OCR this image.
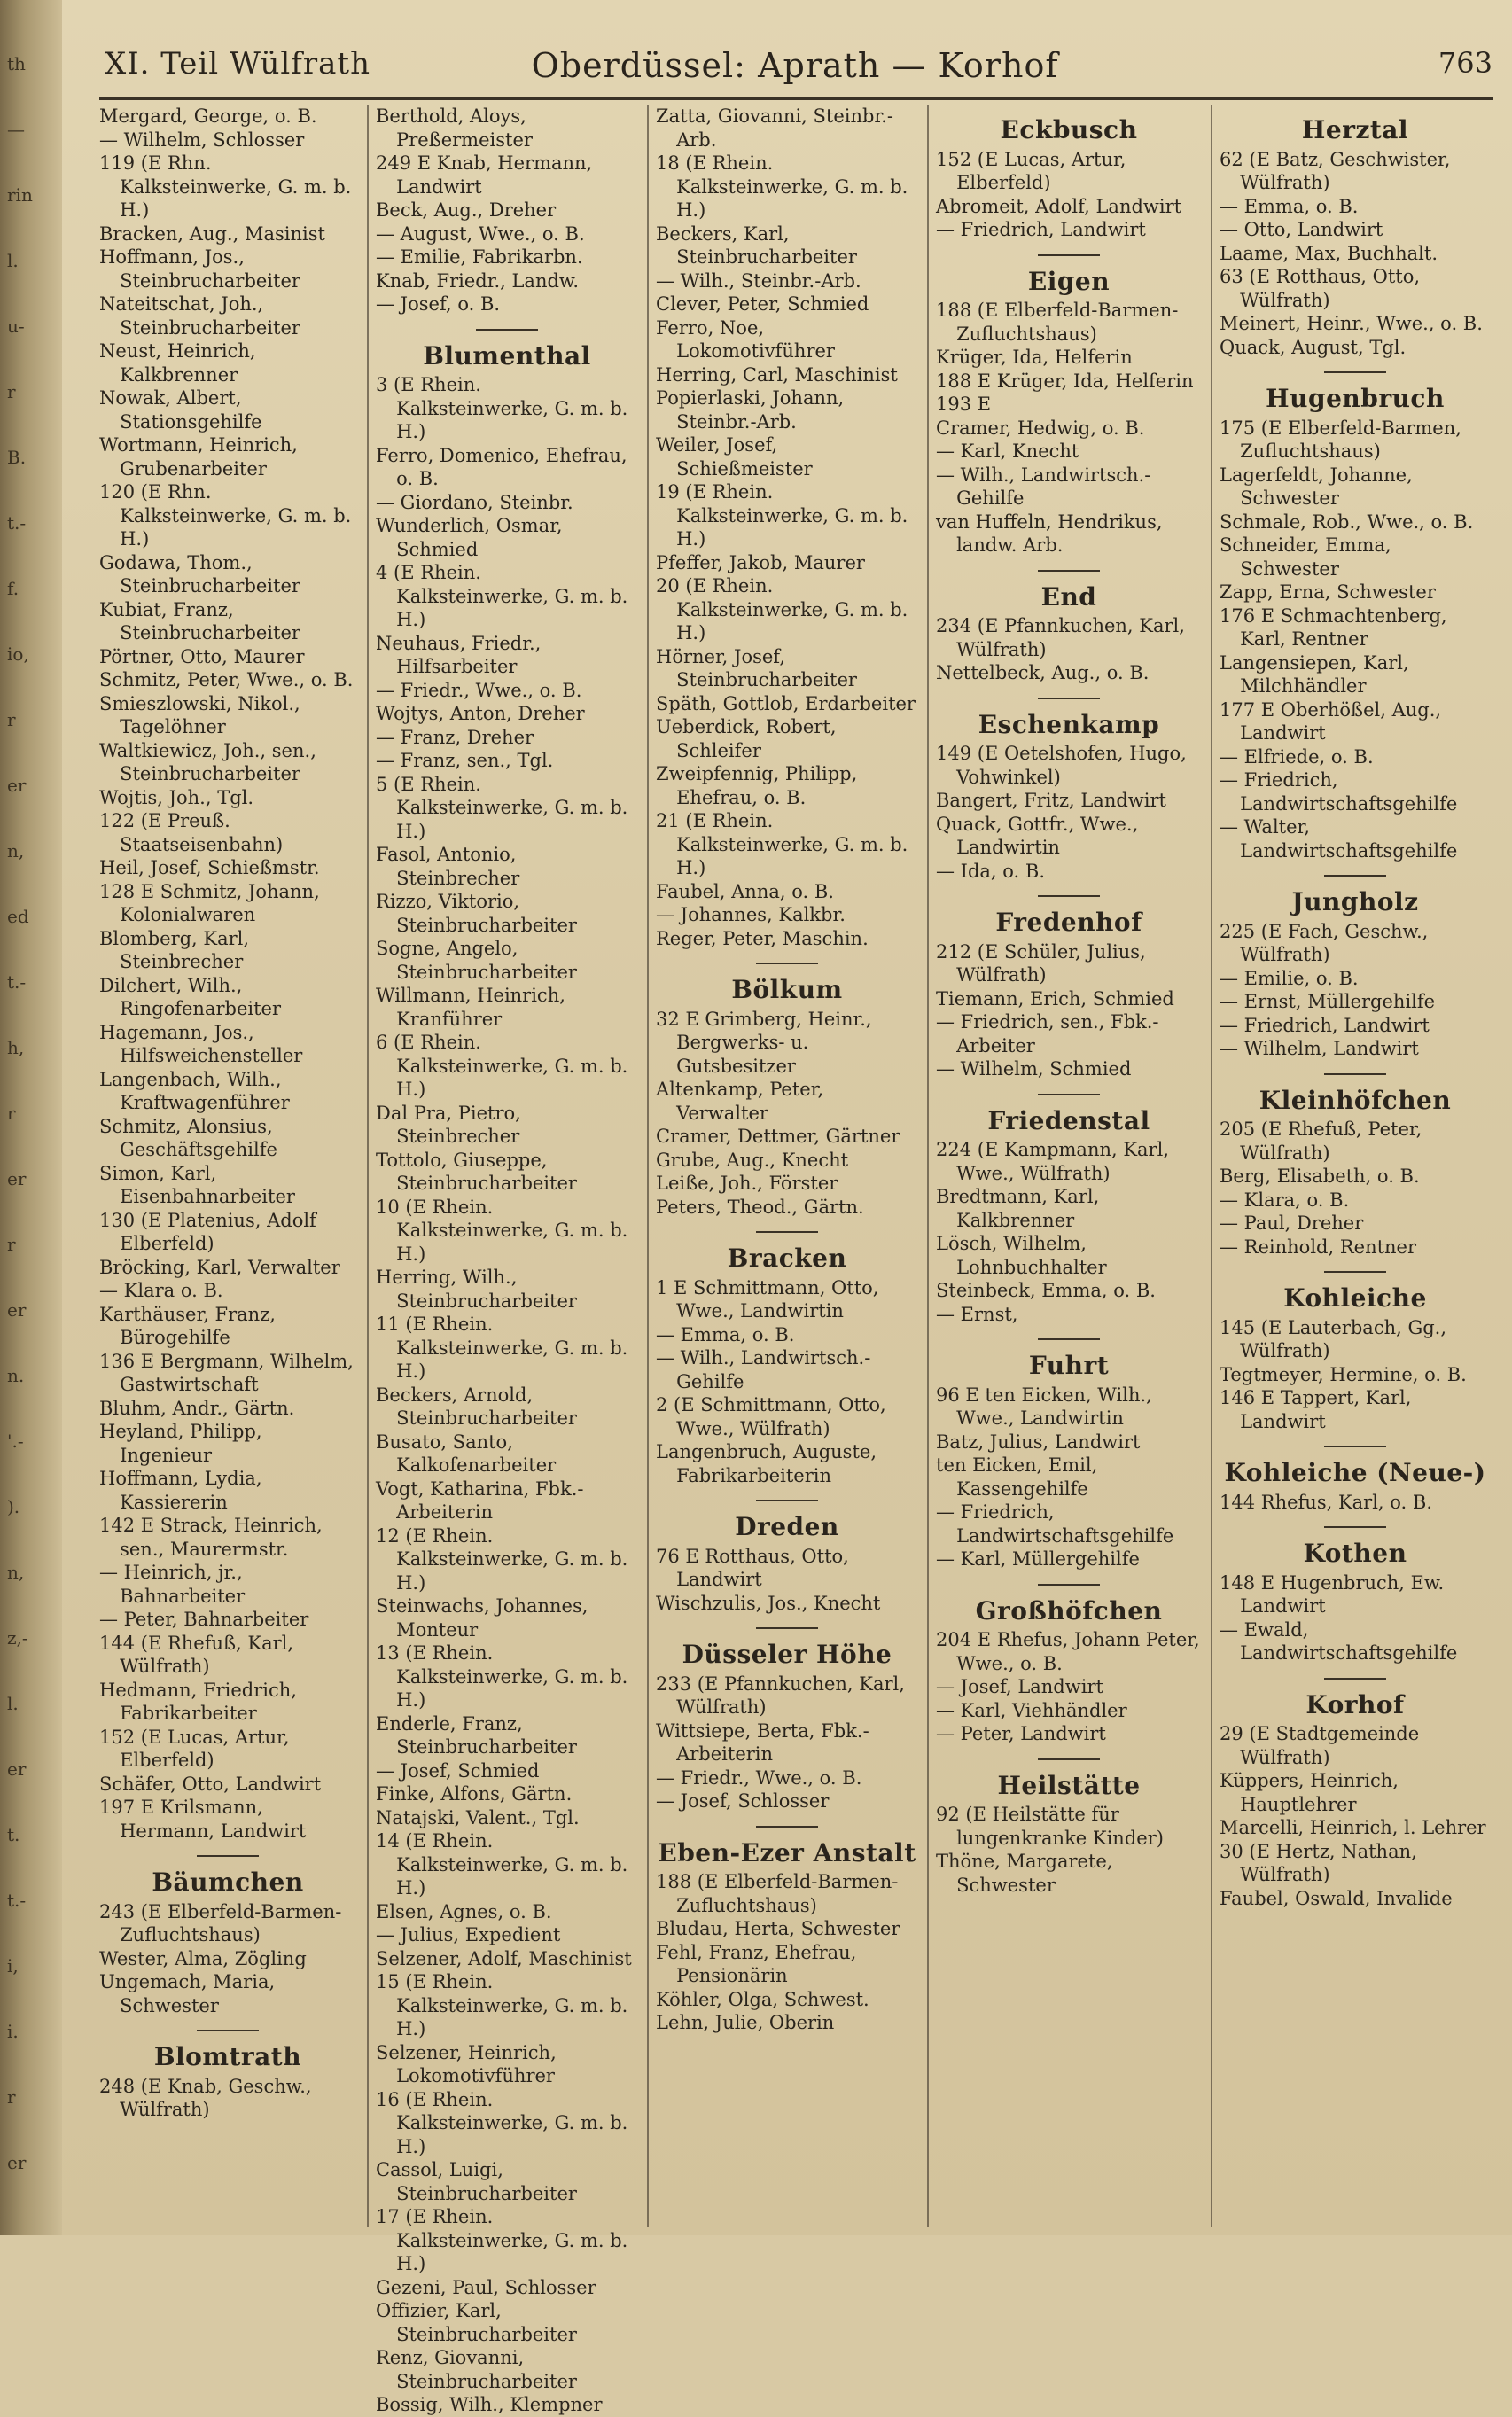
th
—
rin
l.
u-
r
B.
t.-
f.
io,
r
er
n,
ed
t.-
h,
r
er
r
er
n.
'.-
).
n,
z,-
l.
er
t.
t.-
i,
i.
r
er
XI. Teil Wülfrath	Oberdüssel: Aprath — Korhof	763

Mergard, George, o. B.

— Wilhelm, Schlosser

119 (E Rhn. Kalksteinwerke, G. m. b. H.)

Bracken, Aug., Masinist

Hoffmann, Jos., Steinbrucharbeiter

Nateitschat, Joh., Steinbrucharbeiter

Neust, Heinrich, Kalkbrenner

Nowak, Albert, Stationsgehilfe

Wortmann, Heinrich, Grubenarbeiter

120 (E Rhn. Kalksteinwerke, G. m. b. H.)

Godawa, Thom., Steinbrucharbeiter

Kubiat, Franz, Steinbrucharbeiter

Pörtner, Otto, Maurer

Schmitz, Peter, Wwe., o. B.

Smieszlowski, Nikol., Tagelöhner

Waltkiewicz, Joh., sen., Steinbrucharbeiter

Wojtis, Joh., Tgl.

122 (E Preuß. Staatseisenbahn)

Heil, Josef, Schießmstr.

128 E Schmitz, Johann, Kolonialwaren

Blomberg, Karl, Steinbrecher

Dilchert, Wilh., Ringofenarbeiter

Hagemann, Jos., Hilfsweichensteller

Langenbach, Wilh., Kraftwagenführer

Schmitz, Alonsius, Geschäftsgehilfe

Simon, Karl, Eisenbahnarbeiter

130 (E Platenius, Adolf Elberfeld)

Bröcking, Karl, Verwalter

— Klara o. B.

Karthäuser, Franz, Bürogehilfe

136 E Bergmann, Wilhelm, Gastwirtschaft

Bluhm, Andr., Gärtn.

Heyland, Philipp, Ingenieur

Hoffmann, Lydia, Kassiererin

142 E Strack, Heinrich, sen., Maurermstr.

— Heinrich, jr., Bahnarbeiter

— Peter, Bahnarbeiter

144 (E Rhefuß, Karl, Wülfrath)

Hedmann, Friedrich, Fabrikarbeiter

152 (E Lucas, Artur, Elberfeld)

Schäfer, Otto, Landwirt

197 E Krilsmann, Hermann, Landwirt

Bäumchen

243 (E Elberfeld-Barmen-Zufluchtshaus)

Wester, Alma, Zögling

Ungemach, Maria, Schwester

Blomtrath

248 (E Knab, Geschw., Wülfrath)

Berthold, Aloys, Preßermeister

249 E Knab, Hermann, Landwirt

Beck, Aug., Dreher

— August, Wwe., o. B.

— Emilie, Fabrikarbn.

Knab, Friedr., Landw.

— Josef, o. B.

Blumenthal

3 (E Rhein. Kalksteinwerke, G. m. b. H.)

Ferro, Domenico, Ehefrau, o. B.

— Giordano, Steinbr.

Wunderlich, Osmar, Schmied

4 (E Rhein. Kalksteinwerke, G. m. b. H.)

Neuhaus, Friedr., Hilfsarbeiter

— Friedr., Wwe., o. B.

Wojtys, Anton, Dreher

— Franz, Dreher

— Franz, sen., Tgl.

5 (E Rhein. Kalksteinwerke, G. m. b. H.)

Fasol, Antonio, Steinbrecher

Rizzo, Viktorio, Steinbrucharbeiter

Sogne, Angelo, Steinbrucharbeiter

Willmann, Heinrich, Kranführer

6 (E Rhein. Kalksteinwerke, G. m. b. H.)

Dal Pra, Pietro, Steinbrecher

Tottolo, Giuseppe, Steinbrucharbeiter

10 (E Rhein. Kalksteinwerke, G. m. b. H.)

Herring, Wilh., Steinbrucharbeiter

11 (E Rhein. Kalksteinwerke, G. m. b. H.)

Beckers, Arnold, Steinbrucharbeiter

Busato, Santo, Kalkofenarbeiter

Vogt, Katharina, Fbk.-Arbeiterin

12 (E Rhein. Kalksteinwerke, G. m. b. H.)

Steinwachs, Johannes, Monteur

13 (E Rhein. Kalksteinwerke, G. m. b. H.)

Enderle, Franz, Steinbrucharbeiter

— Josef, Schmied

Finke, Alfons, Gärtn.

Natajski, Valent., Tgl.

14 (E Rhein. Kalksteinwerke, G. m. b. H.)

Elsen, Agnes, o. B.

— Julius, Expedient

Selzener, Adolf, Maschinist

15 (E Rhein. Kalksteinwerke, G. m. b. H.)

Selzener, Heinrich, Lokomotivführer

16 (E Rhein. Kalksteinwerke, G. m. b. H.)

Cassol, Luigi, Steinbrucharbeiter

17 (E Rhein. Kalksteinwerke, G. m. b. H.)

Gezeni, Paul, Schlosser

Offizier, Karl, Steinbrucharbeiter

Renz, Giovanni, Steinbrucharbeiter

Bossig, Wilh., Klempner

Zatta, Giovanni, Steinbr.-Arb.

18 (E Rhein. Kalksteinwerke, G. m. b. H.)

Beckers, Karl, Steinbrucharbeiter

— Wilh., Steinbr.-Arb.

Clever, Peter, Schmied

Ferro, Noe, Lokomotivführer

Herring, Carl, Maschinist

Popierlaski, Johann, Steinbr.-Arb.

Weiler, Josef, Schießmeister

19 (E Rhein. Kalksteinwerke, G. m. b. H.)

Pfeffer, Jakob, Maurer

20 (E Rhein. Kalksteinwerke, G. m. b. H.)

Hörner, Josef, Steinbrucharbeiter

Späth, Gottlob, Erdarbeiter

Ueberdick, Robert, Schleifer

Zweipfennig, Philipp, Ehefrau, o. B.

21 (E Rhein. Kalksteinwerke, G. m. b. H.)

Faubel, Anna, o. B.

— Johannes, Kalkbr.

Reger, Peter, Maschin.

Bölkum

32 E Grimberg, Heinr., Bergwerks- u. Gutsbesitzer

Altenkamp, Peter, Verwalter

Cramer, Dettmer, Gärtner

Grube, Aug., Knecht

Leiße, Joh., Förster

Peters, Theod., Gärtn.

Bracken

1 E Schmittmann, Otto, Wwe., Landwirtin

— Emma, o. B.

— Wilh., Landwirtsch.-Gehilfe

2 (E Schmittmann, Otto, Wwe., Wülfrath)

Langenbruch, Auguste, Fabrikarbeiterin

Dreden

76 E Rotthaus, Otto, Landwirt

Wischzulis, Jos., Knecht

Düsseler Höhe

233 (E Pfannkuchen, Karl, Wülfrath)

Wittsiepe, Berta, Fbk.-Arbeiterin

— Friedr., Wwe., o. B.

— Josef, Schlosser

Eben-Ezer Anstalt

188 (E Elberfeld-Barmen-Zufluchtshaus)

Bludau, Herta, Schwester

Fehl, Franz, Ehefrau, Pensionärin

Köhler, Olga, Schwest.

Lehn, Julie, Oberin

Eckbusch

152 (E Lucas, Artur, Elberfeld)

Abromeit, Adolf, Landwirt

— Friedrich, Landwirt

Eigen

188 (E Elberfeld-Barmen-Zufluchtshaus)

Krüger, Ida, Helferin

188 E Krüger, Ida, Helferin

193 E

Cramer, Hedwig, o. B.

— Karl, Knecht

— Wilh., Landwirtsch.-Gehilfe

van Huffeln, Hendrikus, landw. Arb.

End

234 (E Pfannkuchen, Karl, Wülfrath)

Nettelbeck, Aug., o. B.

Eschenkamp

149 (E Oetelshofen, Hugo, Vohwinkel)

Bangert, Fritz, Landwirt

Quack, Gottfr., Wwe., Landwirtin

— Ida, o. B.

Fredenhof

212 (E Schüler, Julius, Wülfrath)

Tiemann, Erich, Schmied

— Friedrich, sen., Fbk.-Arbeiter

— Wilhelm, Schmied

Friedenstal

224 (E Kampmann, Karl, Wwe., Wülfrath)

Bredtmann, Karl, Kalkbrenner

Lösch, Wilhelm, Lohnbuchhalter

Steinbeck, Emma, o. B.

— Ernst,

Fuhrt

96 E ten Eicken, Wilh., Wwe., Landwirtin

Batz, Julius, Landwirt

ten Eicken, Emil, Kassengehilfe

— Friedrich, Landwirtschaftsgehilfe

— Karl, Müllergehilfe

Großhöfchen

204 E Rhefus, Johann Peter, Wwe., o. B.

— Josef, Landwirt

— Karl, Viehhändler

— Peter, Landwirt

Heilstätte

92 (E Heilstätte für lungenkranke Kinder)

Thöne, Margarete, Schwester

Herztal

62 (E Batz, Geschwister, Wülfrath)

— Emma, o. B.

— Otto, Landwirt

Laame, Max, Buchhalt.

63 (E Rotthaus, Otto, Wülfrath)

Meinert, Heinr., Wwe., o. B.

Quack, August, Tgl.

Hugenbruch

175 (E Elberfeld-Barmen, Zufluchtshaus)

Lagerfeldt, Johanne, Schwester

Schmale, Rob., Wwe., o. B.

Schneider, Emma, Schwester

Zapp, Erna, Schwester

176 E Schmachtenberg, Karl, Rentner

Langensiepen, Karl, Milchhändler

177 E Oberhößel, Aug., Landwirt

— Elfriede, o. B.

— Friedrich, Landwirtschaftsgehilfe

— Walter, Landwirtschaftsgehilfe

Jungholz

225 (E Fach, Geschw., Wülfrath)

— Emilie, o. B.

— Ernst, Müllergehilfe

— Friedrich, Landwirt

— Wilhelm, Landwirt

Kleinhöfchen

205 (E Rhefuß, Peter, Wülfrath)

Berg, Elisabeth, o. B.

— Klara, o. B.

— Paul, Dreher

— Reinhold, Rentner

Kohleiche

145 (E Lauterbach, Gg., Wülfrath)

Tegtmeyer, Hermine, o. B.

146 E Tappert, Karl, Landwirt

Kohleiche (Neue-)

144 Rhefus, Karl, o. B.

Kothen

148 E Hugenbruch, Ew. Landwirt

— Ewald, Landwirtschaftsgehilfe

Korhof

29 (E Stadtgemeinde Wülfrath)

Küppers, Heinrich, Hauptlehrer

Marcelli, Heinrich, l. Lehrer

30 (E Hertz, Nathan, Wülfrath)

Faubel, Oswald, Invalide
